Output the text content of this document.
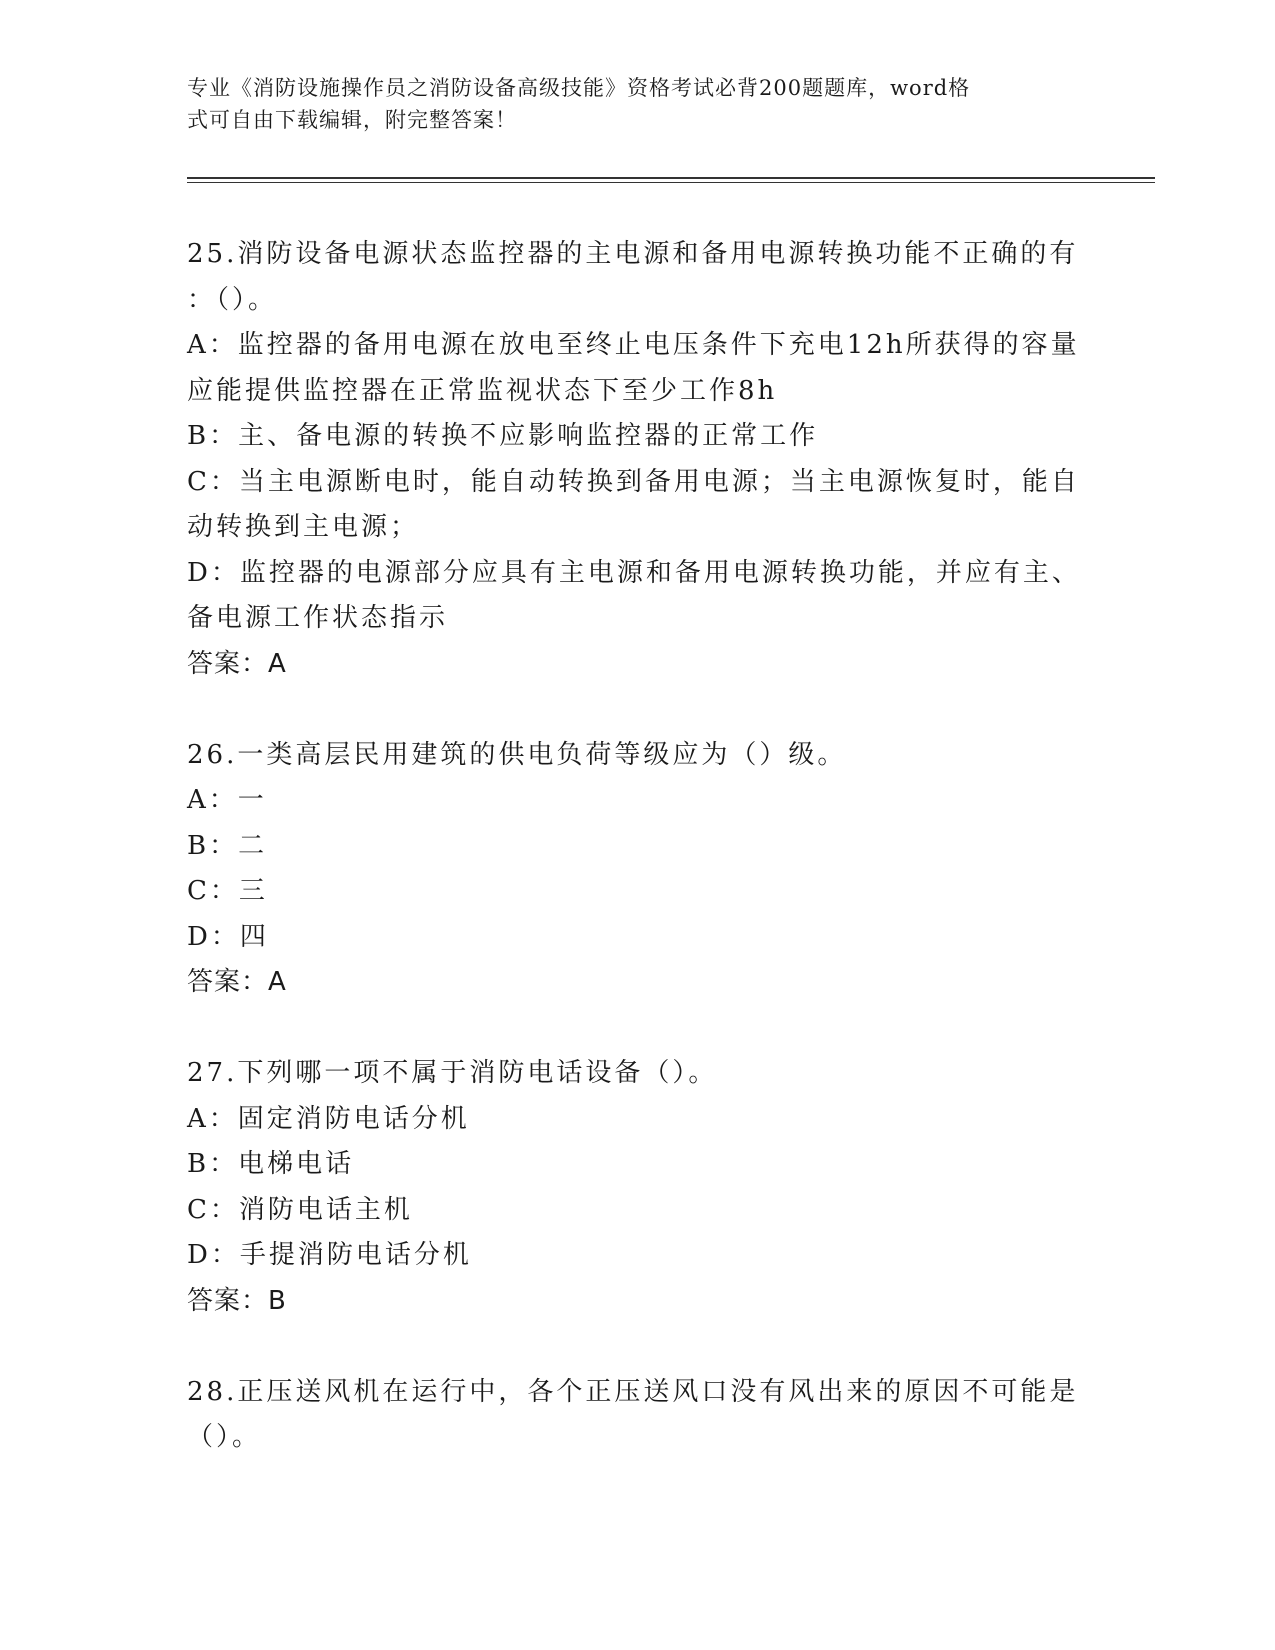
专业《消防设施操作员之消防设备高级技能》资格考试必背200题题库，word格
式可自由下载编辑，附完整答案！
25.消防设备电源状态监控器的主电源和备用电源转换功能不正确的有
：（）。
A：监控器的备用电源在放电至终止电压条件下充电12h所获得的容量
应能提供监控器在正常监视状态下至少工作8h
B：主、备电源的转换不应影响监控器的正常工作
C：当主电源断电时，能自动转换到备用电源；当主电源恢复时，能自
动转换到主电源；
D：监控器的电源部分应具有主电源和备用电源转换功能，并应有主、
备电源工作状态指示
答案：A
26.一类高层民用建筑的供电负荷等级应为（）级。
A：一
B：二
C：三
D：四
答案：A
27.下列哪一项不属于消防电话设备（）。
A：固定消防电话分机
B：电梯电话
C：消防电话主机
D：手提消防电话分机
答案：B
28.正压送风机在运行中，各个正压送风口没有风出来的原因不可能是
（）。
